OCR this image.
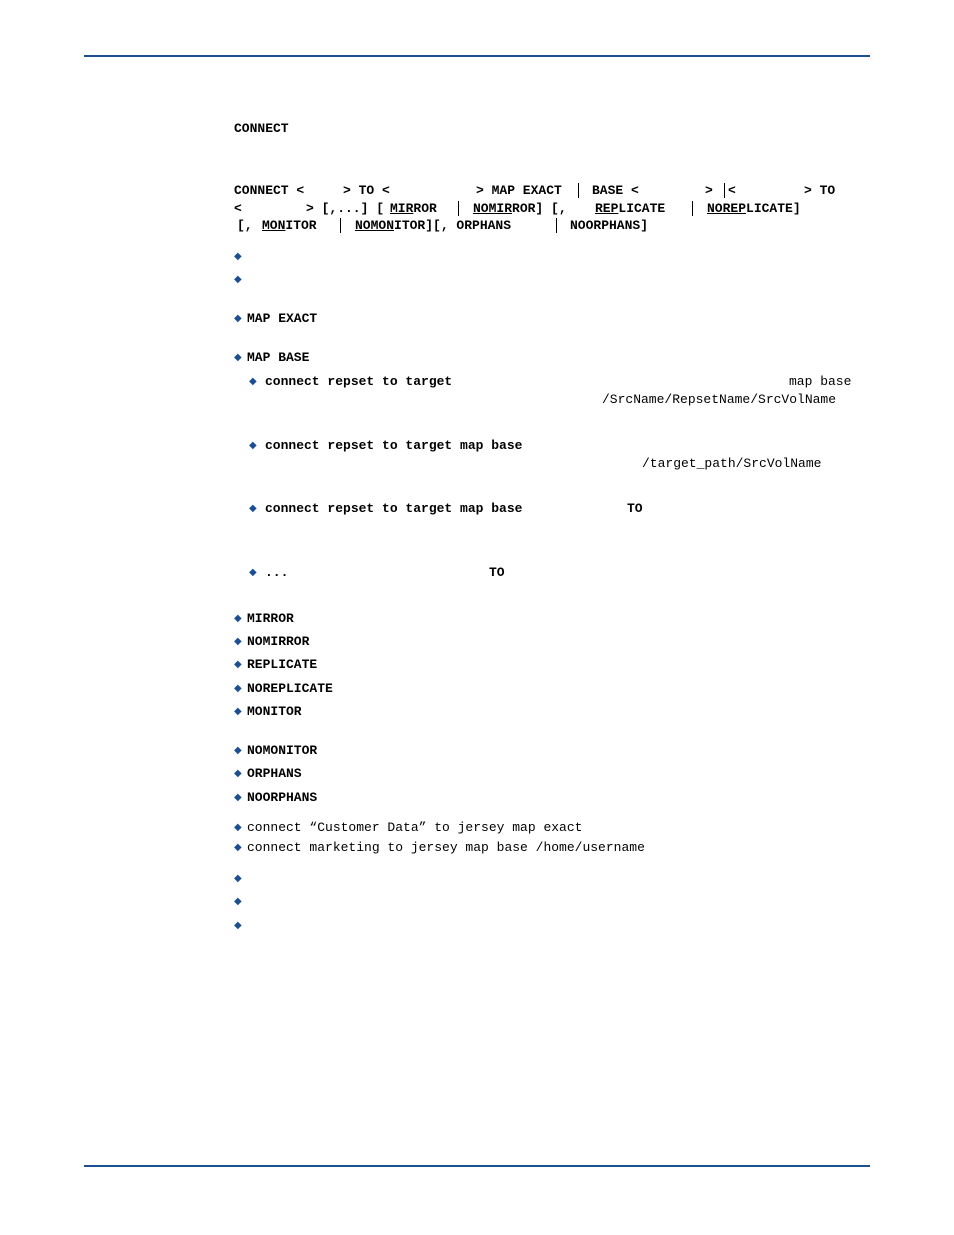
CONNECT
CONNECT <	> TO <	> MAP EXACT BASE <	> <	> TO
<	> [,...] [ MIRROR	NOMIRROR] [, REPLICATE	NOREPLICATE]
[, MONITOR	NOMONITOR][, ORPHANS	NOORPHANS]
◆
◆
◆ MAP EXACT
◆ MAP BASE
◆ connect repset to target	map base
/SrcName/RepsetName/SrcVolName
◆ connect repset to target map base
/target_path/SrcVolName
◆ connect repset to target map base	TO
◆ ...	TO
◆ MIRROR
◆ NOMIRROR
◆ REPLICATE
◆ NOREPLICATE
◆ MONITOR
◆ NOMONITOR
◆ ORPHANS
◆ NOORPHANS
◆ connect “Customer Data” to jersey map exact
◆ connect marketing to jersey map base /home/username
◆
◆
◆
